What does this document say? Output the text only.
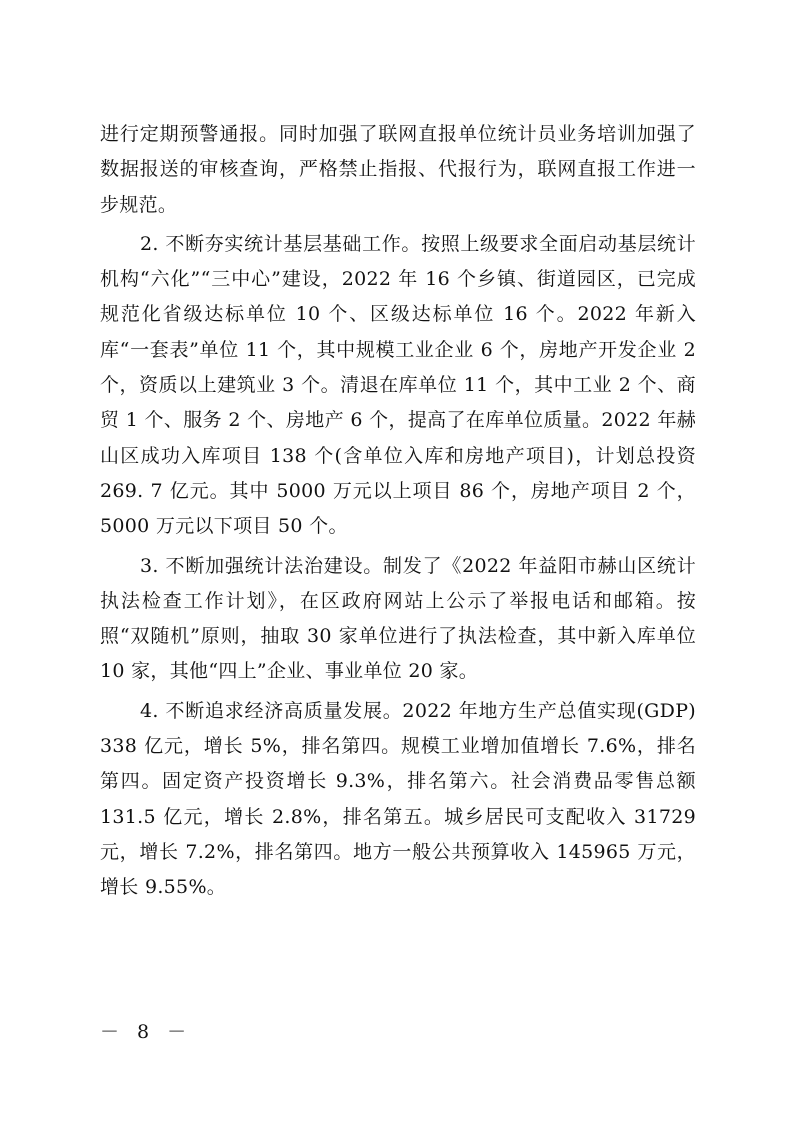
进行定期预警通报。同时加强了联网直报单位统计员业务培训加强了数据报送的审核查询，严格禁止指报、代报行为，联网直报工作进一步规范。

2. 不断夯实统计基层基础工作。按照上级要求全面启动基层统计机构“六化”“三中心”建设，2022 年 16 个乡镇、街道园区，已完成规范化省级达标单位 10 个、区级达标单位 16 个。2022 年新入库“一套表”单位 11 个，其中规模工业企业 6 个，房地产开发企业 2 个，资质以上建筑业 3 个。清退在库单位 11 个，其中工业 2 个、商贸 1 个、服务 2 个、房地产 6 个，提高了在库单位质量。2022 年赫山区成功入库项目 138 个(含单位入库和房地产项目)，计划总投资 269. 7 亿元。其中 5000 万元以上项目 86 个，房地产项目 2 个，5000 万元以下项目 50 个。

3. 不断加强统计法治建设。制发了《2022 年益阳市赫山区统计执法检查工作计划》，在区政府网站上公示了举报电话和邮箱。按照“双随机”原则，抽取 30 家单位进行了执法检查，其中新入库单位 10 家，其他“四上”企业、事业单位 20 家。

4. 不断追求经济高质量发展。2022 年地方生产总值实现(GDP) 338 亿元，增长 5%，排名第四。规模工业增加值增长 7.6%，排名第四。固定资产投资增长 9.3%，排名第六。社会消费品零售总额 131.5 亿元，增长 2.8%，排名第五。城乡居民可支配收入 31729 元，增长 7.2%，排名第四。地方一般公共预算收入 145965 万元，增长 9.55%。

－ 8 －
